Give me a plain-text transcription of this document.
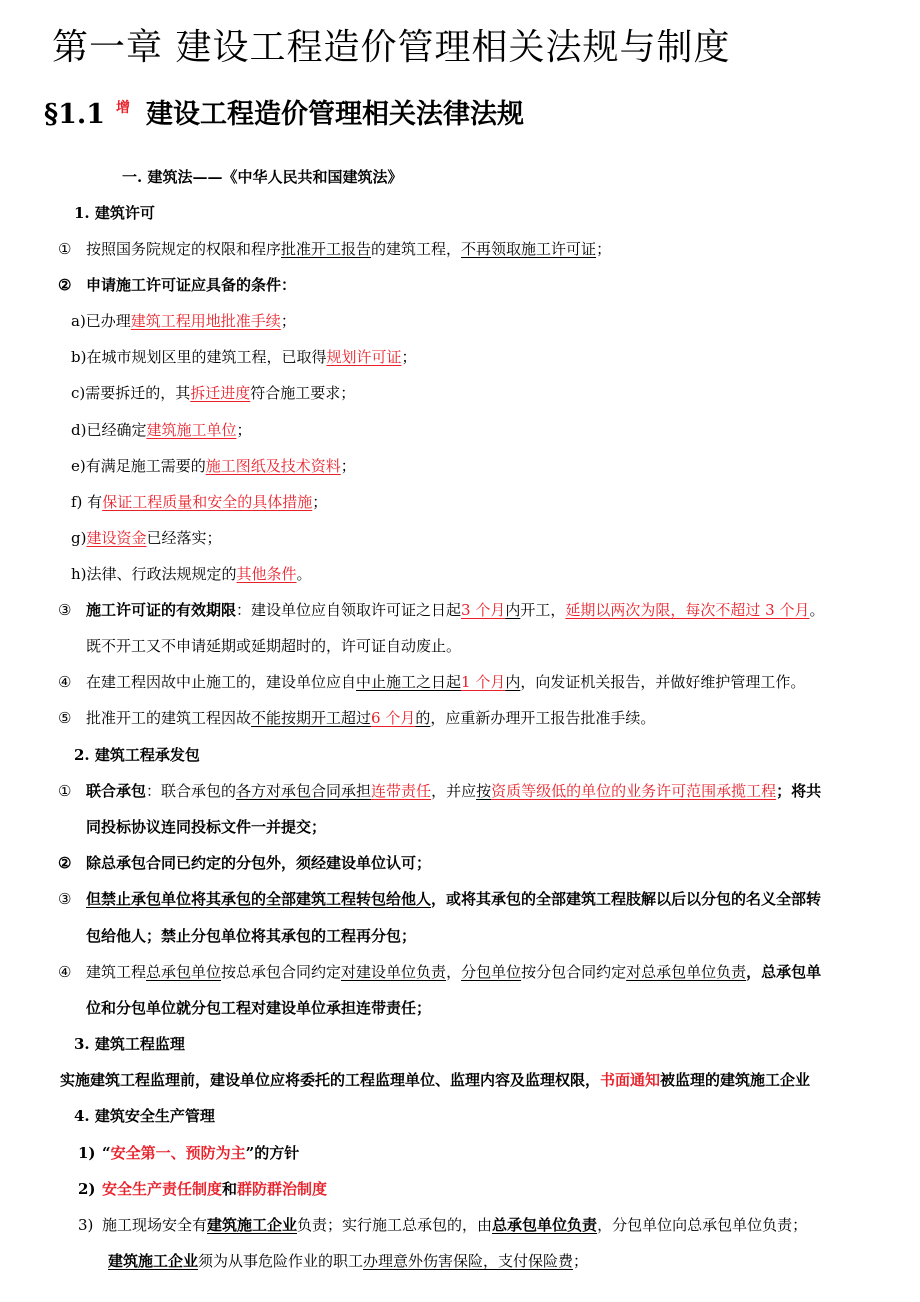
第一章 建设工程造价管理相关法规与制度
§1.1 增 建设工程造价管理相关法律法规
一. 建筑法——《中华人民共和国建筑法》
1. 建筑许可
① 按照国务院规定的权限和程序批准开工报告的建筑工程，不再领取施工许可证；
② 申请施工许可证应具备的条件：
a)已办理建筑工程用地批准手续；
b)在城市规划区里的建筑工程，已取得规划许可证；
c)需要拆迁的，其拆迁进度符合施工要求；
d)已经确定建筑施工单位；
e)有满足施工需要的施工图纸及技术资料；
f) 有保证工程质量和安全的具体措施；
g)建设资金已经落实；
h)法律、行政法规规定的其他条件。
③ 施工许可证的有效期限：建设单位应自领取许可证之日起3 个月内开工，延期以两次为限，每次不超过 3 个月。
既不开工又不申请延期或延期超时的，许可证自动废止。
④ 在建工程因故中止施工的，建设单位应自中止施工之日起1 个月内，向发证机关报告，并做好维护管理工作。
⑤ 批准开工的建筑工程因故不能按期开工超过6 个月的，应重新办理开工报告批准手续。
2. 建筑工程承发包
① 联合承包：联合承包的各方对承包合同承担连带责任，并应按资质等级低的单位的业务许可范围承揽工程；将共
同投标协议连同投标文件一并提交；
② 除总承包合同已约定的分包外，须经建设单位认可；
③ 但禁止承包单位将其承包的全部建筑工程转包给他人，或将其承包的全部建筑工程肢解以后以分包的名义全部转
包给他人；禁止分包单位将其承包的工程再分包；
④ 建筑工程总承包单位按总承包合同约定对建设单位负责，分包单位按分包合同约定对总承包单位负责，总承包单
位和分包单位就分包工程对建设单位承担连带责任；
3. 建筑工程监理
实施建筑工程监理前，建设单位应将委托的工程监理单位、监理内容及监理权限，书面通知被监理的建筑施工企业
4. 建筑安全生产管理
1) “安全第一、预防为主”的方针
2) 安全生产责任制度和群防群治制度
3) 施工现场安全有建筑施工企业负责；实行施工总承包的，由总承包单位负责，分包单位向总承包单位负责；
建筑施工企业须为从事危险作业的职工办理意外伤害保险，支付保险费；
